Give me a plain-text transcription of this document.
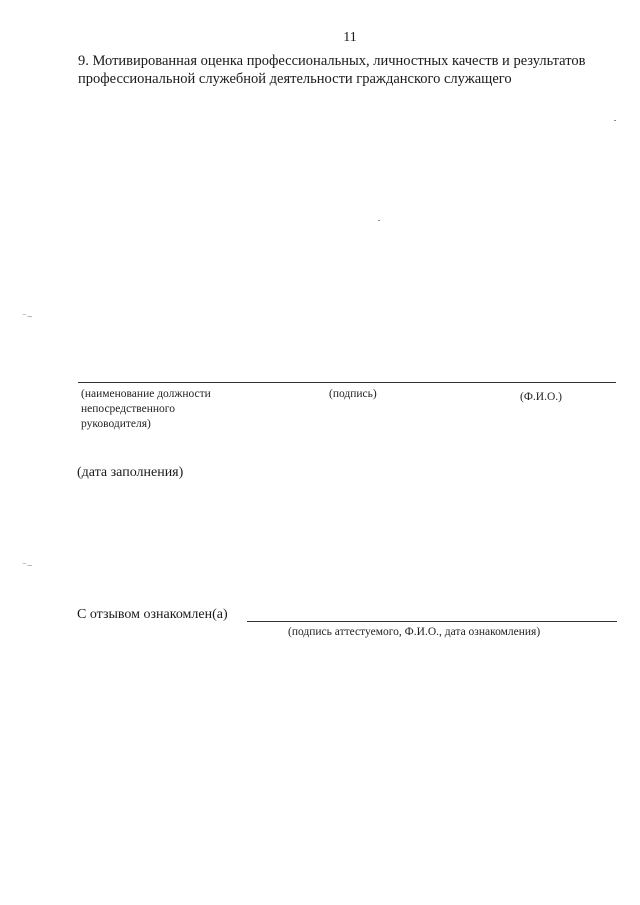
11

9. Мотивированная оценка профессиональных, личностных качеств и результатов профессиональной служебной деятельности гражданского служащего

⁻⌣
⁻⌣
(наименование должности непосредственного руководителя)
(подпись)	(Ф.И.О.)
(дата заполнения)
С отзывом ознакомлен(а)
(подпись аттестуемого, Ф.И.О., дата ознакомления)
